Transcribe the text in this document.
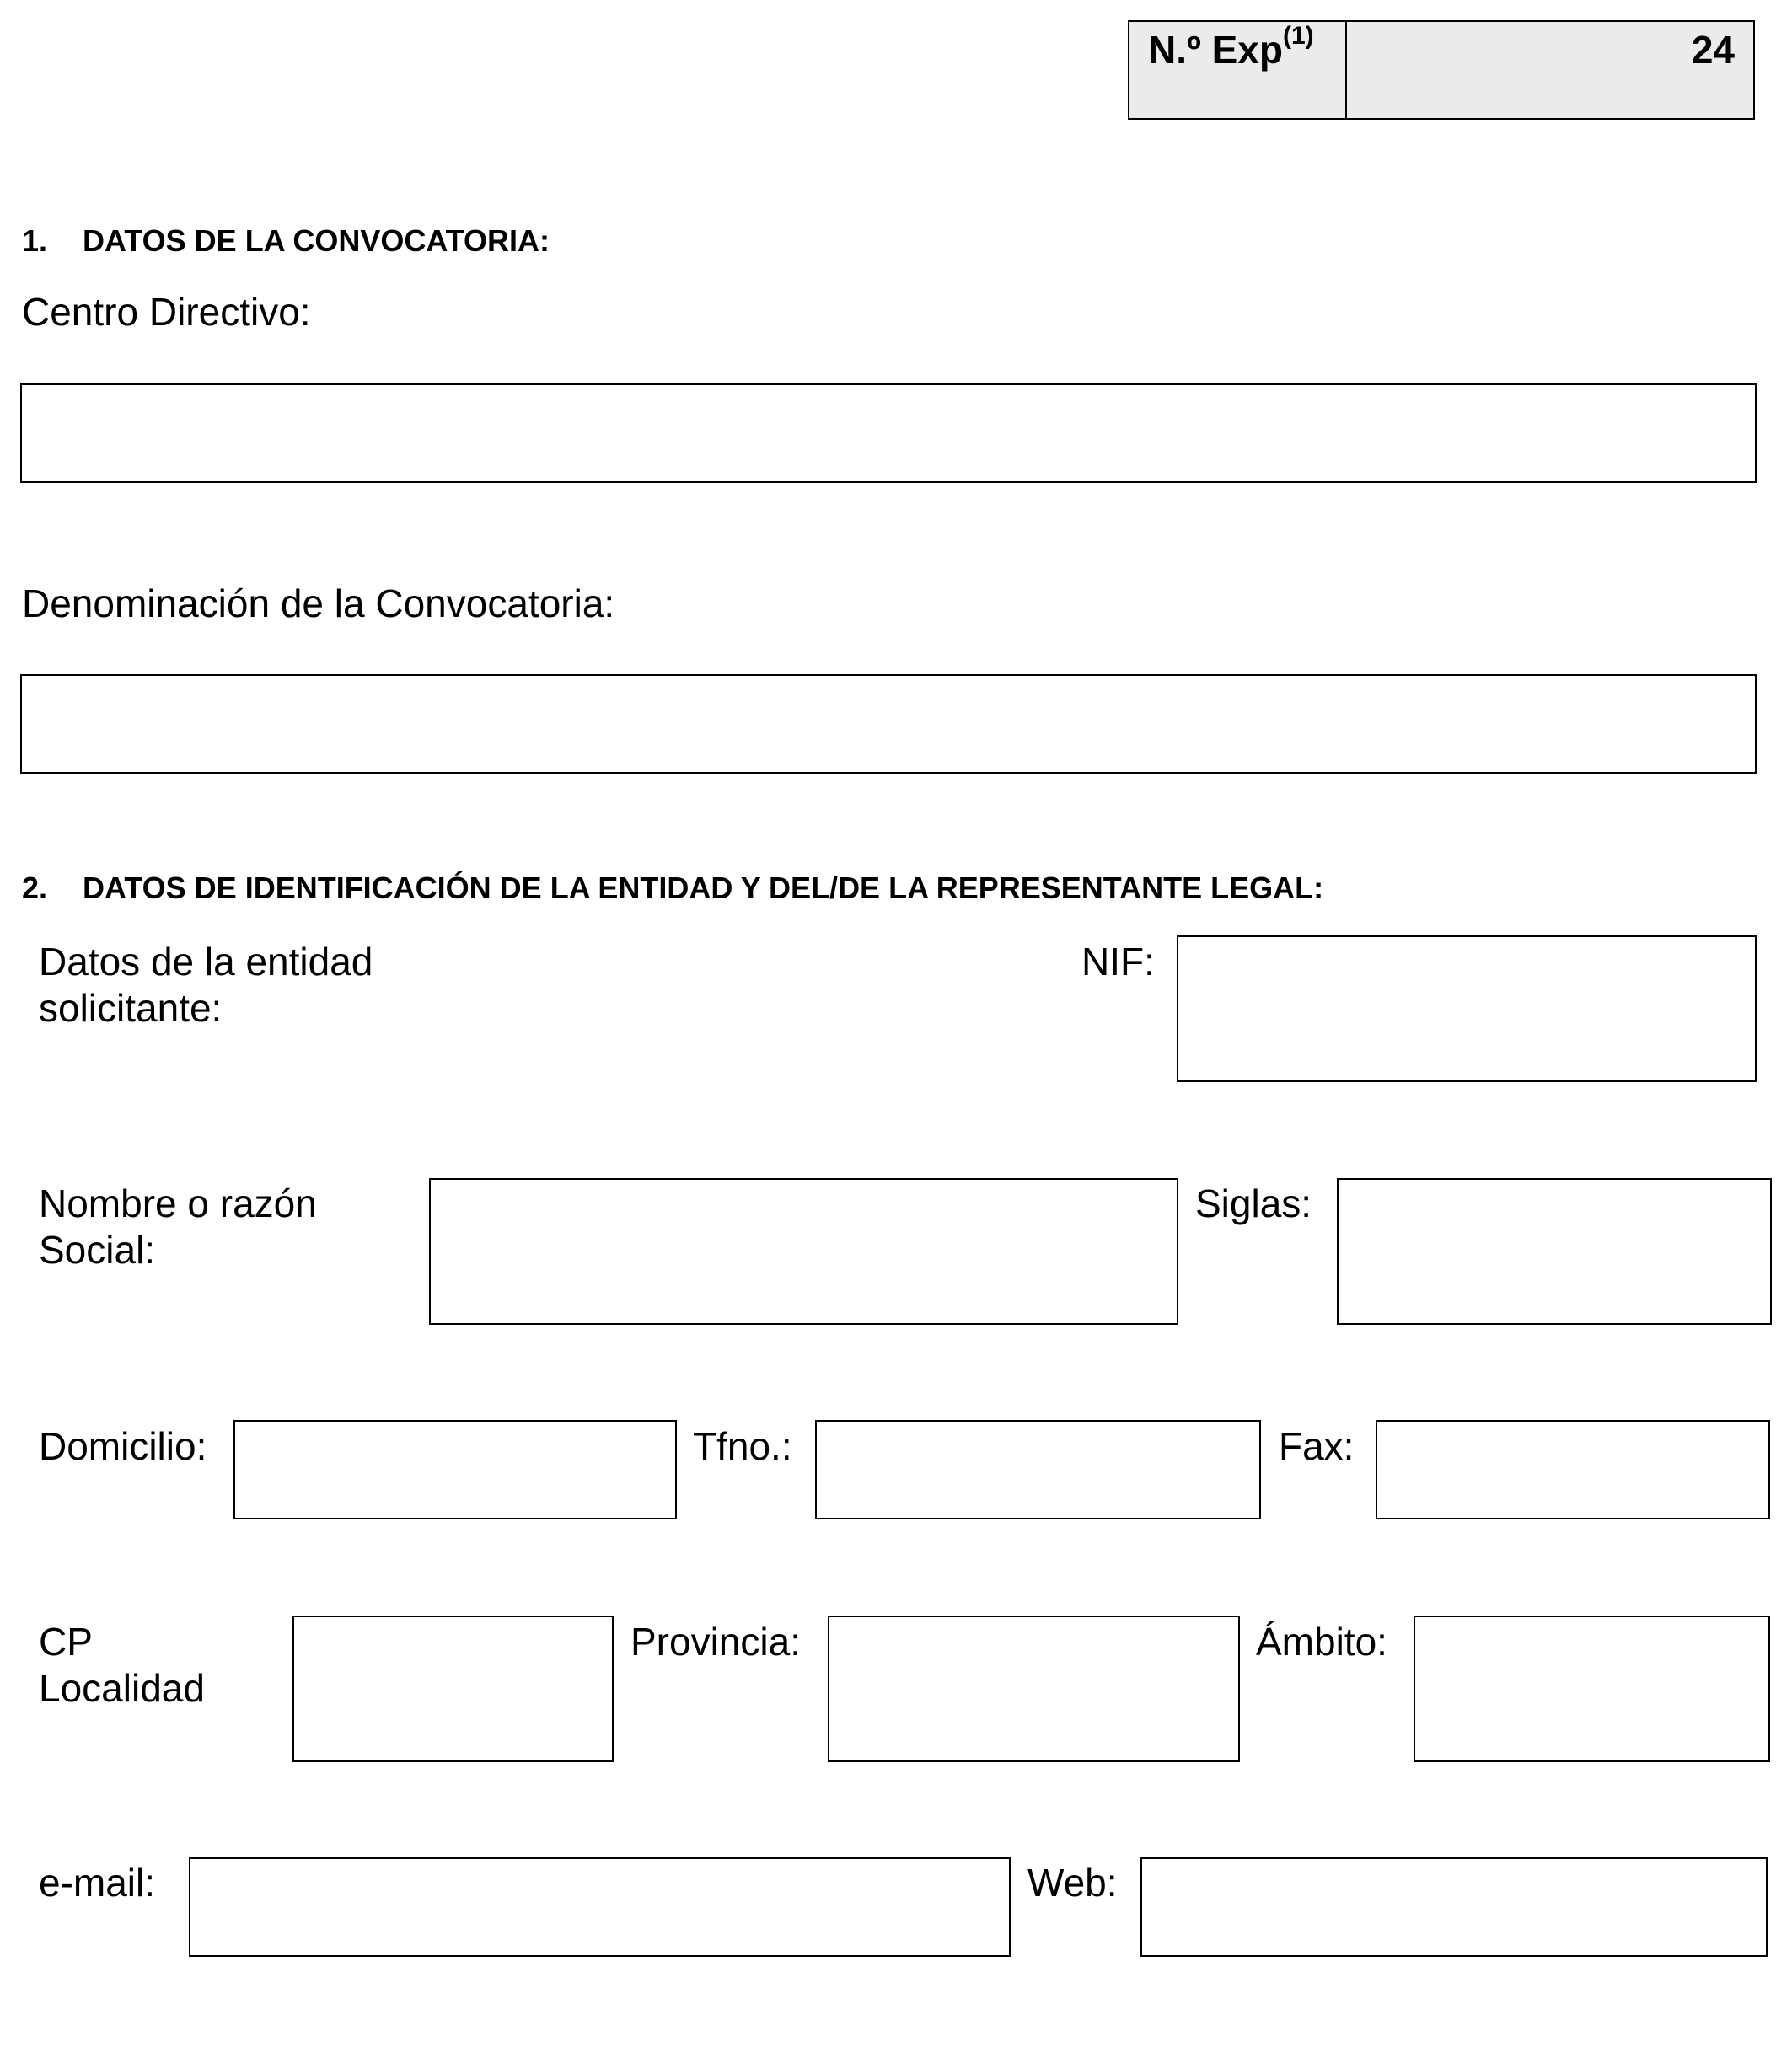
N.º Exp$^{(1)}$	24
1. DATOS DE LA CONVOCATORIA:
Centro Directivo:
Denominación de la Convocatoria:
2. DATOS DE IDENTIFICACIÓN DE LA ENTIDAD Y DEL/DE LA REPRESENTANTE LEGAL:
Datos de la entidad
solicitante:
NIF:
Nombre o razón
Social:
Siglas:
Domicilio:	Tfno.:	Fax:
CP
Localidad
Provincia:	Ámbito:
e-mail:	Web:
